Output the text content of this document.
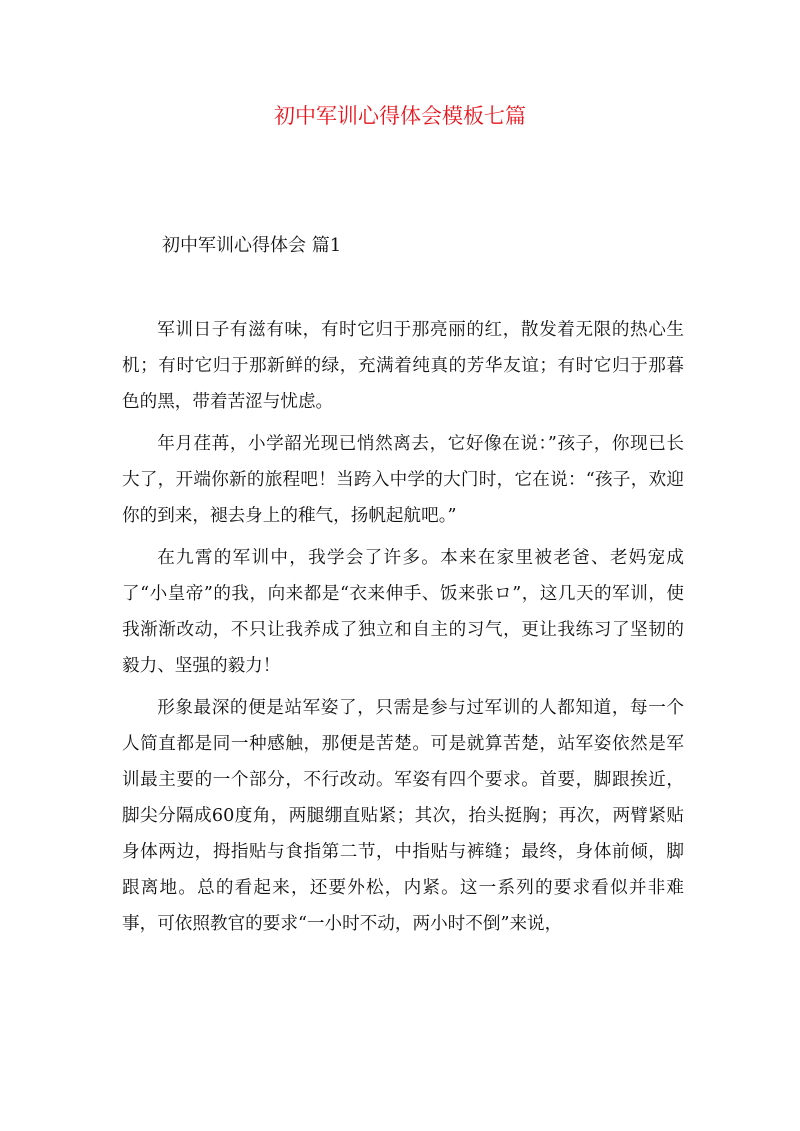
初中军训心得体会模板七篇
初中军训心得体会 篇1

军训日子有滋有味，有时它归于那亮丽的红，散发着无限的热心生机；有时它归于那新鲜的绿，充满着纯真的芳华友谊；有时它归于那暮色的黑，带着苦涩与忧虑。

年月荏苒，小学韶光现已悄然离去，它好像在说：”孩子，你现已长大了，开端你新的旅程吧！当跨入中学的大门时，它在说：“孩子，欢迎你的到来，褪去身上的稚气，扬帆起航吧。”

在九霄的军训中，我学会了许多。本来在家里被老爸、老妈宠成了“小皇帝”的我，向来都是“衣来伸手、饭来张ロ”，这几天的军训，使我渐渐改动，不只让我养成了独立和自主的习气，更让我练习了坚韧的毅力、坚强的毅力！

形象最深的便是站军姿了，只需是参与过军训的人都知道，每一个人简直都是同一种感触，那便是苦楚。可是就算苦楚，站军姿依然是军训最主要的一个部分，不行改动。军姿有四个要求。首要，脚跟挨近，脚尖分隔成60度角，两腿绷直贴紧；其次，抬头挺胸；再次，两臂紧贴身体两边，拇指贴与食指第二节，中指贴与裤缝；最终，身体前倾，脚跟离地。总的看起来，还要外松，内紧。这一系列的要求看似并非难事，可依照教官的要求“一小时不动，两小时不倒”来说，
